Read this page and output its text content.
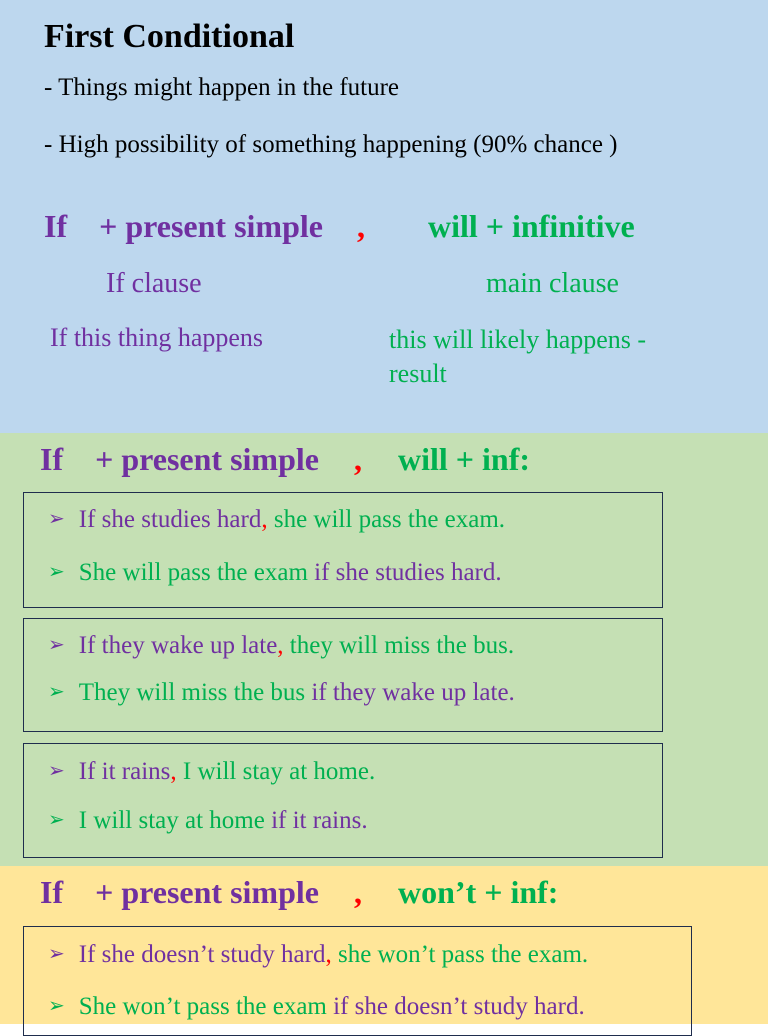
First Conditional
- Things might happen in the future
- High possibility of something happening (90% chance )
If    + present simple , will + infinitive
If clause	main clause
If this thing happens	this will likely happens - result
If    + present simple , will + inf:
➢ If she studies hard, she will pass the exam.
➢ She will pass the exam if she studies hard.
➢ If they wake up late, they will miss the bus.
➢ They will miss the bus if they wake up late.
➢ If it rains, I will stay at home.
➢ I will stay at home if it rains.
If    + present simple , won’t + inf:
➢ If she doesn’t study hard, she won’t pass the exam.
➢ She won’t pass the exam if she doesn’t study hard.
